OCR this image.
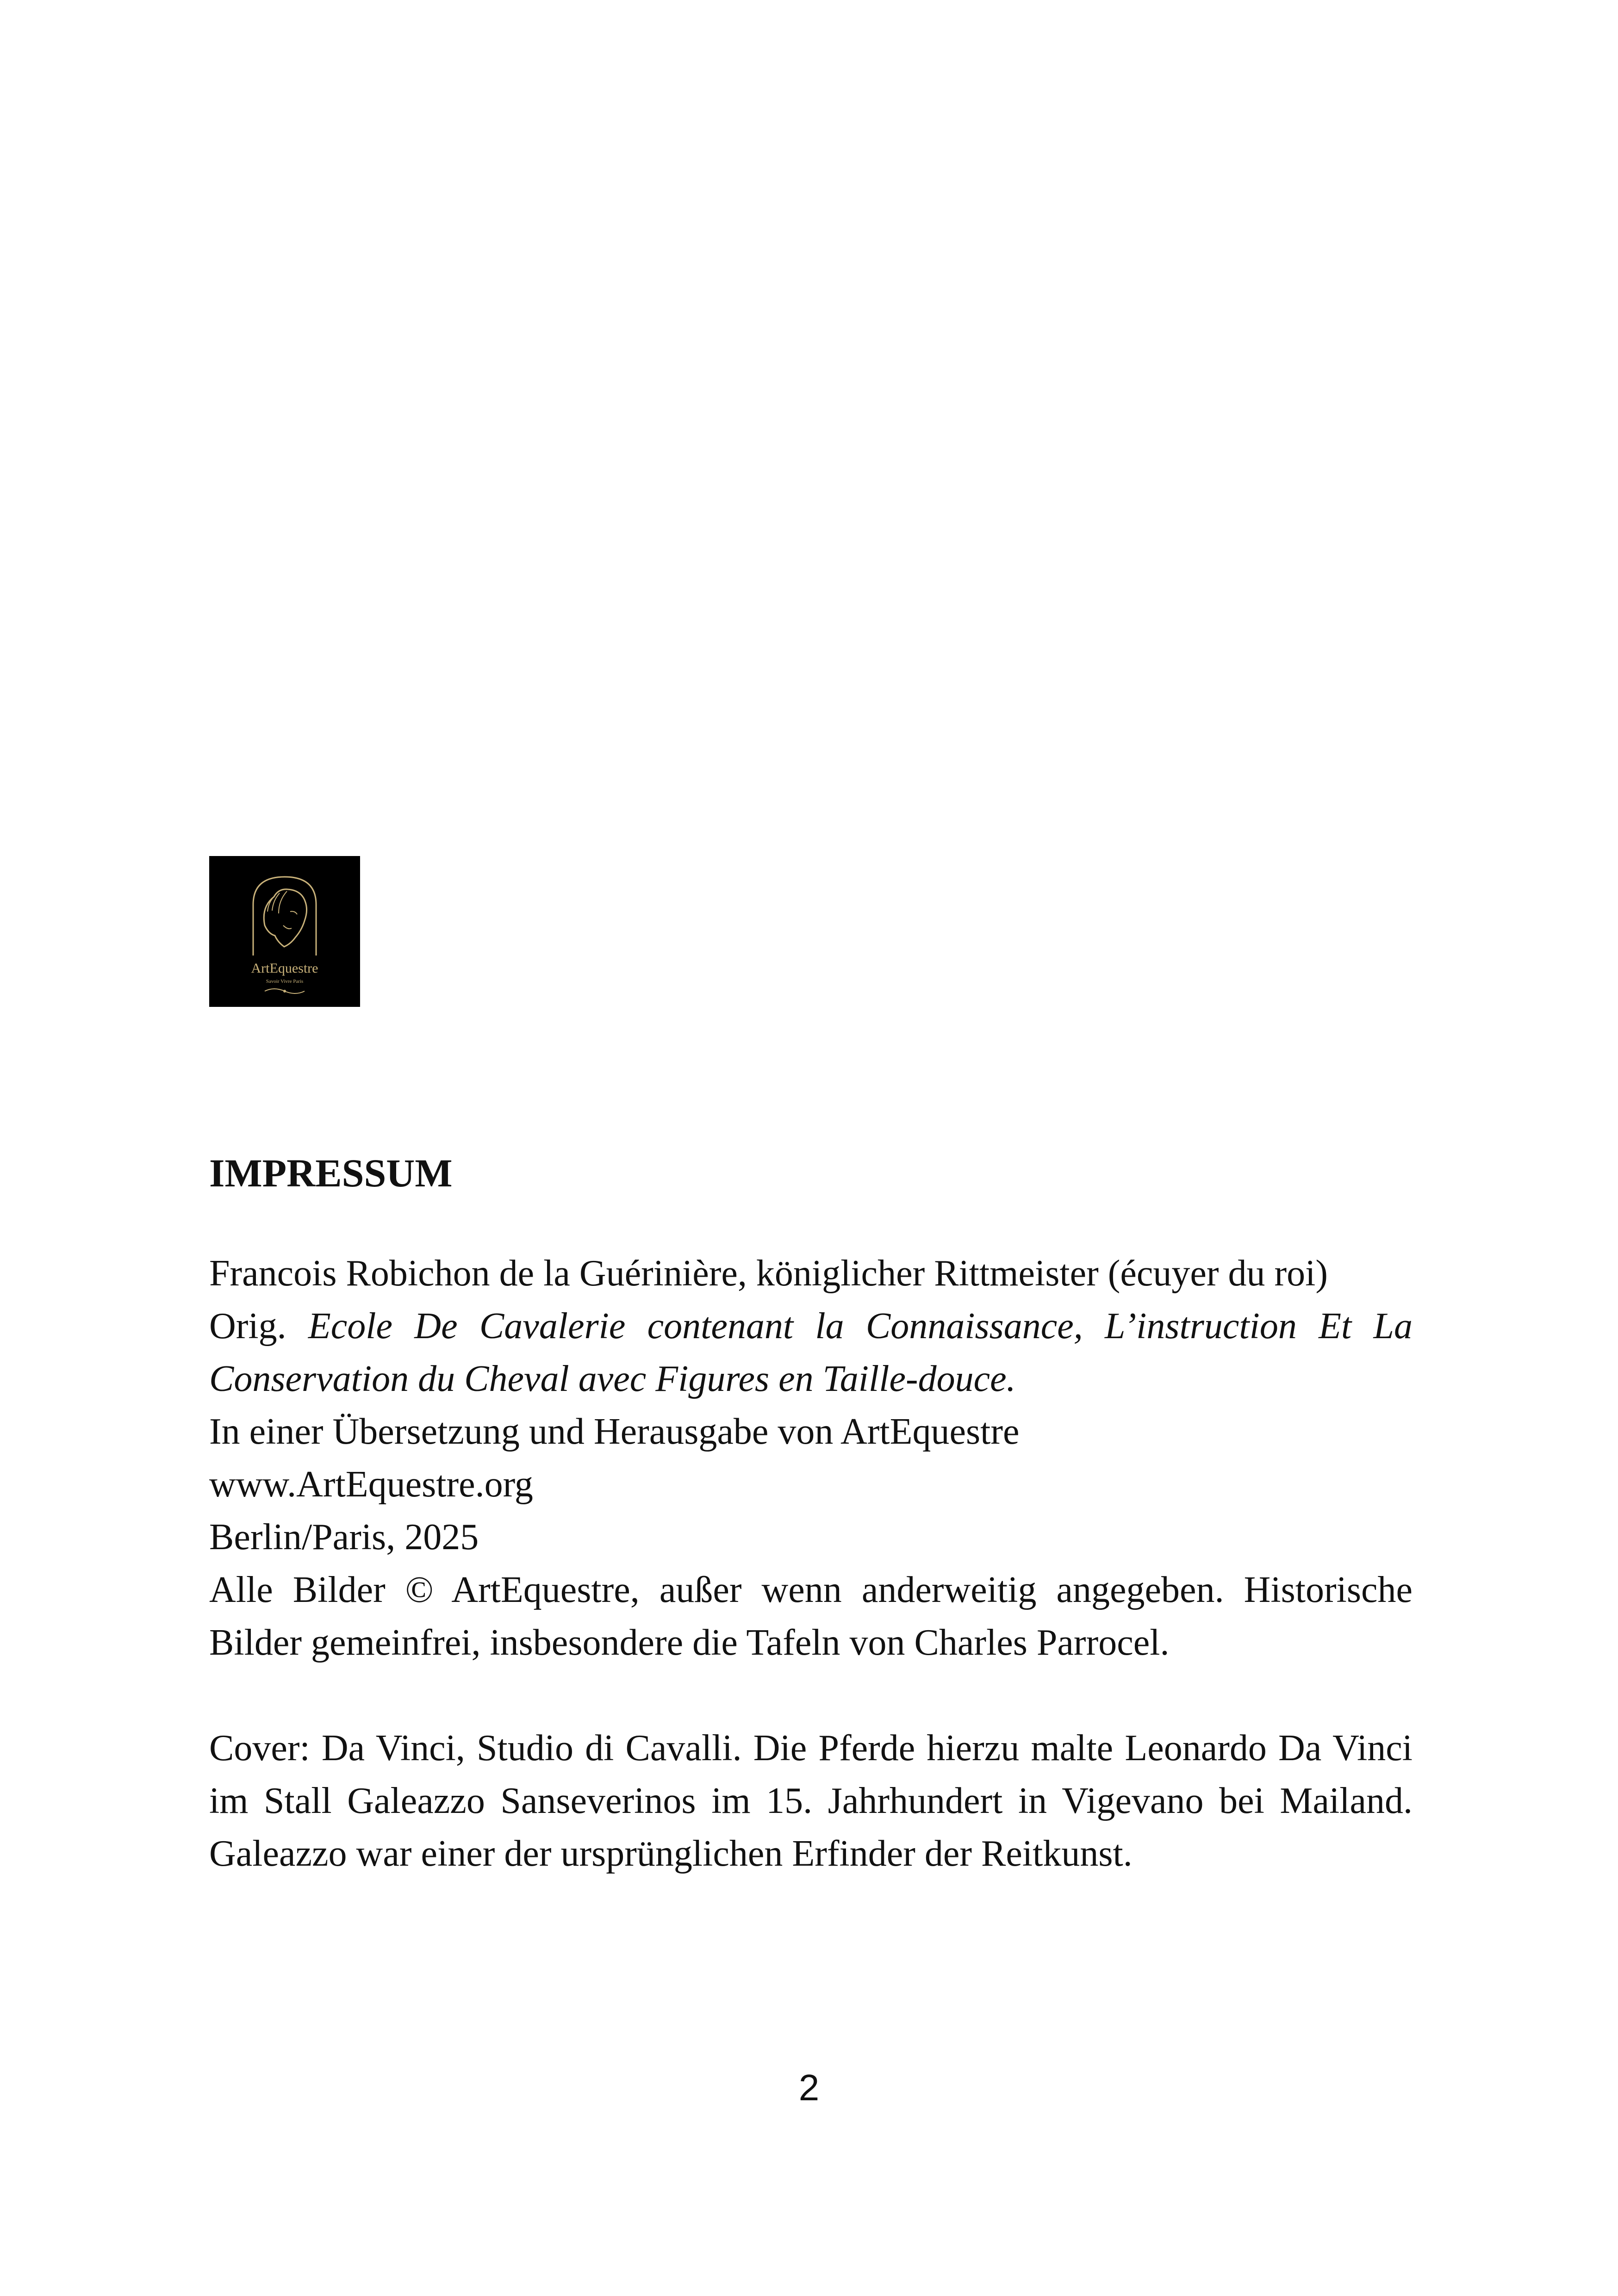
ArtEquestre
Savoir Vivre Paris
IMPRESSUM

Francois Robichon de la Guérinière, königlicher Rittmeister (écuyer du roi)

Orig. Ecole De Cavalerie contenant la Connaissance, L’instruction Et La Conservation du Cheval avec Figures en Taille-douce.

In einer Übersetzung und Herausgabe von ArtEquestre

www.ArtEquestre.org

Berlin/Paris, 2025

Alle Bilder © ArtEquestre, außer wenn anderweitig angegeben. Historische Bilder gemeinfrei, insbesondere die Tafeln von Charles Parrocel.

Cover: Da Vinci, Studio di Cavalli. Die Pferde hierzu malte Leonardo Da Vinci im Stall Galeazzo Sanseverinos im 15. Jahrhundert in Vigevano bei Mailand. Galeazzo war einer der ursprünglichen Erfinder der Reitkunst.

2
